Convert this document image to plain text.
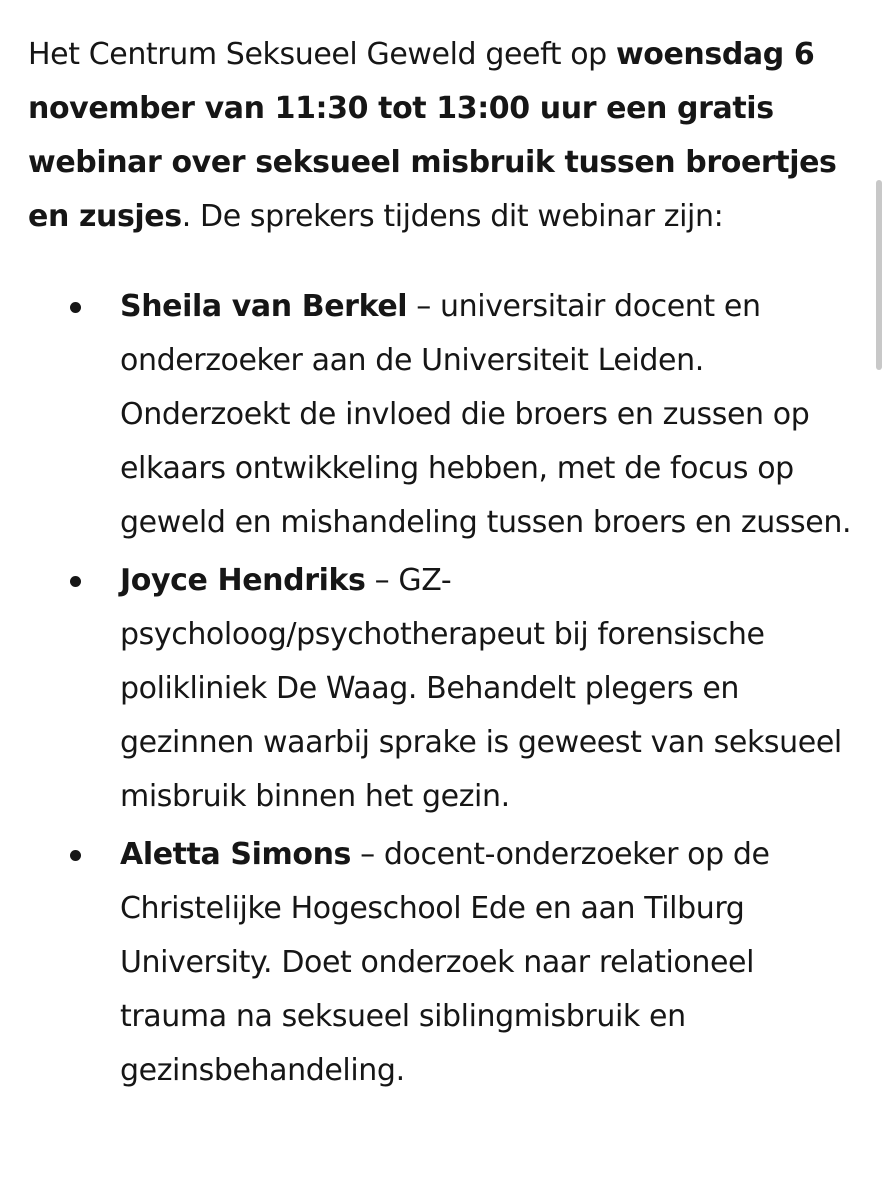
Het Centrum Seksueel Geweld geeft op woensdag 6 november van 11:30 tot 13:00 uur een gratis webinar over seksueel misbruik tussen broertjes en zusjes. De sprekers tijdens dit webinar zijn:

Sheila van Berkel – universitair docent en onderzoeker aan de Universiteit Leiden. Onderzoekt de invloed die broers en zussen op elkaars ontwikkeling hebben, met de focus op geweld en mishandeling tussen broers en zussen.
Joyce Hendriks – GZ-psycholoog/psychotherapeut bij forensische polikliniek De Waag. Behandelt plegers en gezinnen waarbij sprake is geweest van seksueel misbruik binnen het gezin.
Aletta Simons – docent-onderzoeker op de Christelijke Hogeschool Ede en aan Tilburg University. Doet onderzoek naar relationeel trauma na seksueel siblingmisbruik en gezinsbehandeling.
